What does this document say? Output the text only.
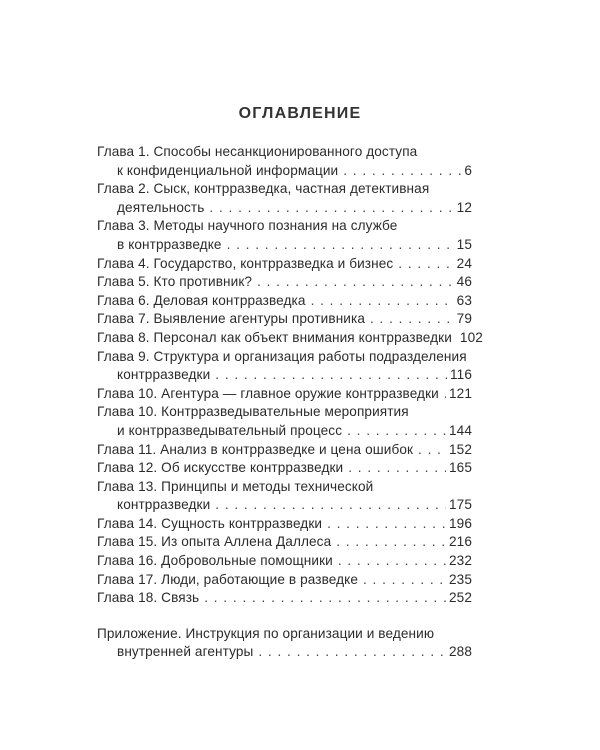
ОГЛАВЛЕНИЕ
Глава 1. Способы несанкционированного доступа
к конфиденциальной информации . . .	6
Глава 2. Сыск, контрразведка, частная детективная
деятельность . . .	12
Глава 3. Методы научного познания на службе
в контрразведке . . .	15
Глава 4. Государство, контрразведка и бизнес . . .	24
Глава 5. Кто противник? . . .	46
Глава 6. Деловая контрразведка . . .	63
Глава 7. Выявление агентуры противника . . .	79
Глава 8. Персонал как объект внимания контрразведки 102
Глава 9. Структура и организация работы подразделения
контрразведки . . .	116
Глава 10. Агентура — главное оружие контрразведки . . . 121
Глава 10. Контрразведывательные мероприятия
и контрразведывательный процесс . . .	144
Глава 11. Анализ в контрразведке и цена ошибок . . .	152
Глава 12. Об искусстве контрразведки . . .	165
Глава 13. Принципы и методы технической
контрразведки . . .	175
Глава 14. Сущность контрразведки . . .	196
Глава 15. Из опыта Аллена Даллеса . . .	216
Глава 16. Добровольные помощники . . .	232
Глава 17. Люди, работающие в разведке . . .	235
Глава 18. Связь . . .	252
Приложение. Инструкция по организации и ведению
внутренней агентуры . . .	288
